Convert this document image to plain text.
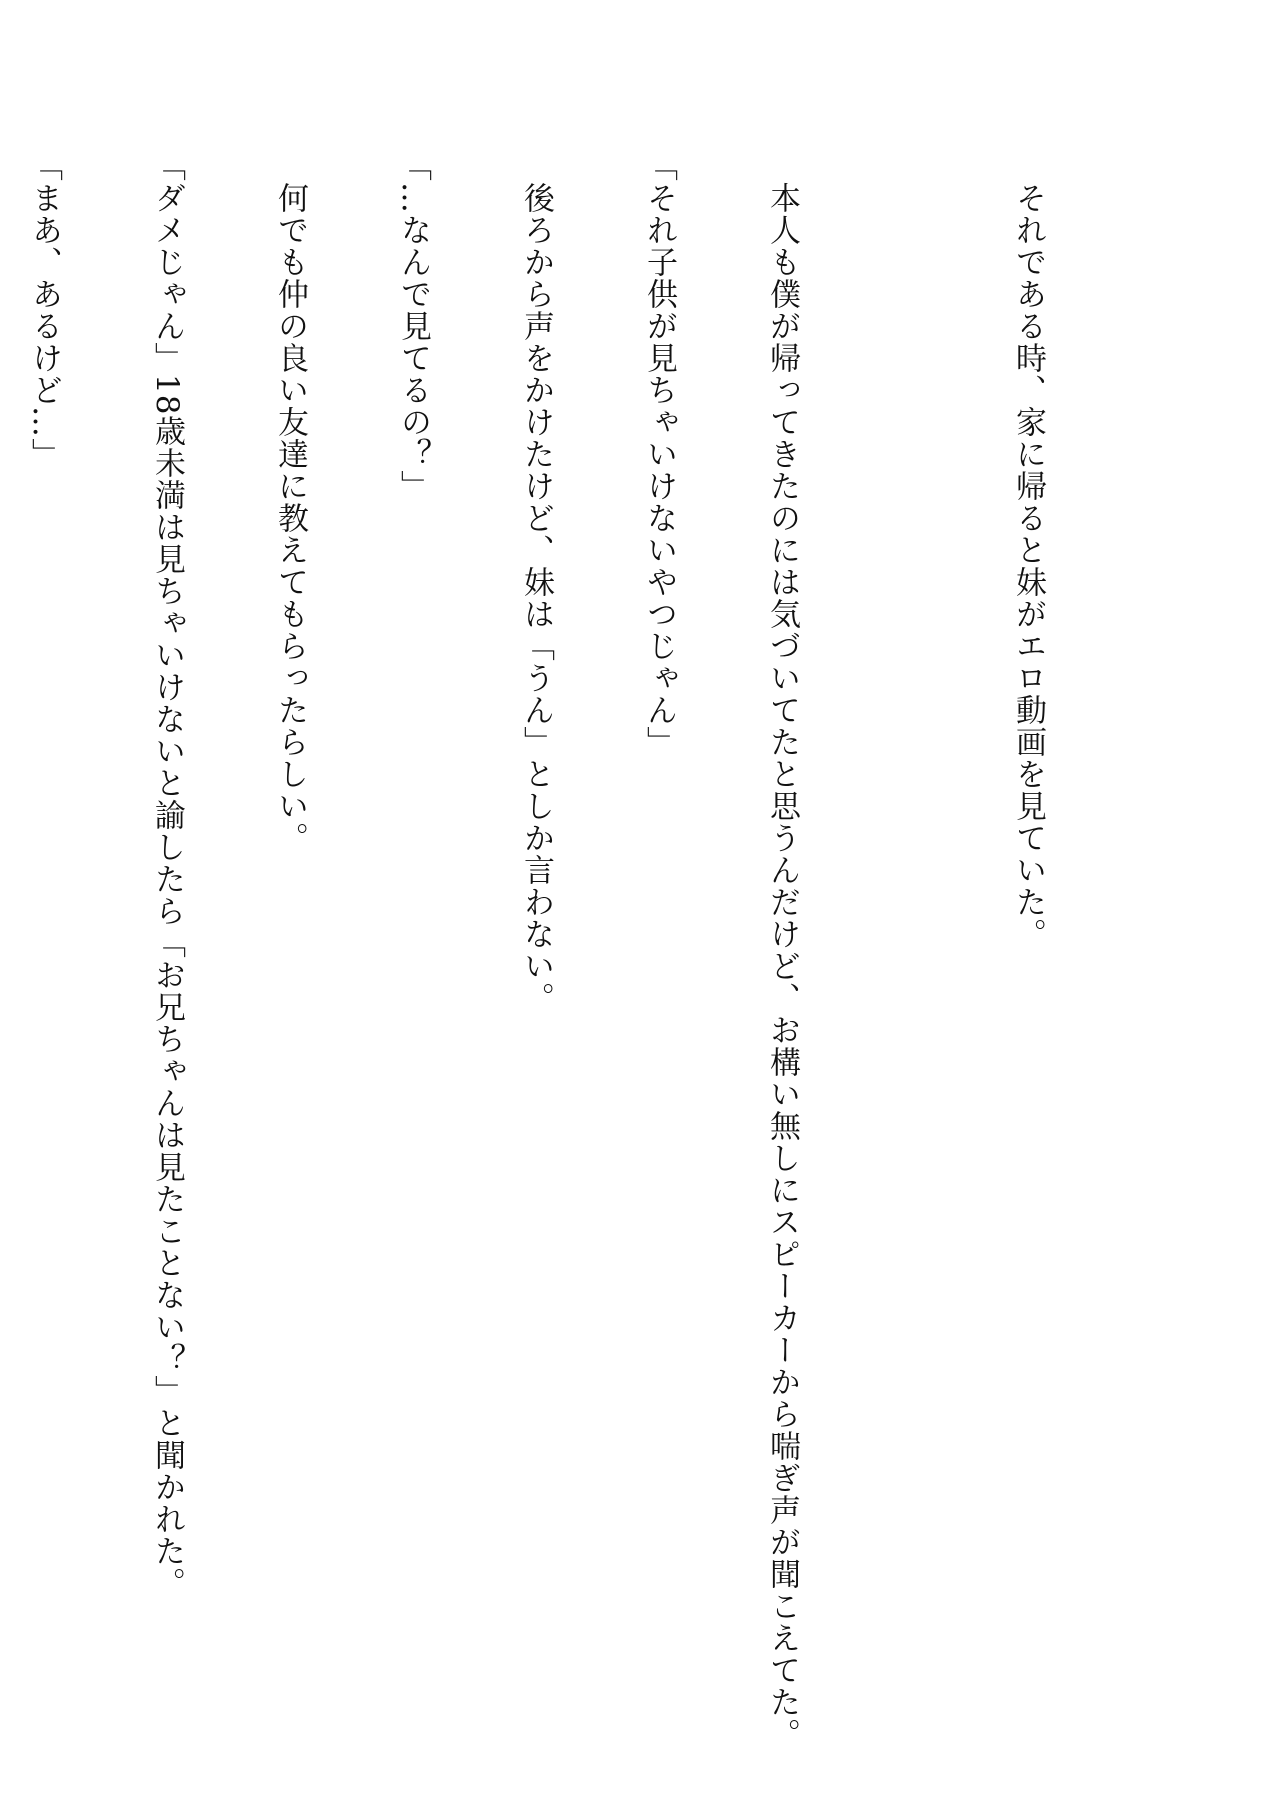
　それである時、家に帰ると妹がエロ動画を見ていた。

　本人も僕が帰ってきたのには気づいてたと思うんだけど、お構い無しにスピーカーから喘ぎ声が聞こえてた。

「それ子供が見ちゃいけないやつじゃん」

　後ろから声をかけたけど、妹は「うん」としか言わない。

「…なんで見てるの？」

　何でも仲の良い友達に教えてもらったらしい。

「ダメじゃん」18歳未満は見ちゃいけないと諭したら「お兄ちゃんは見たことない？」と聞かれた。

「まあ、あるけど…」
